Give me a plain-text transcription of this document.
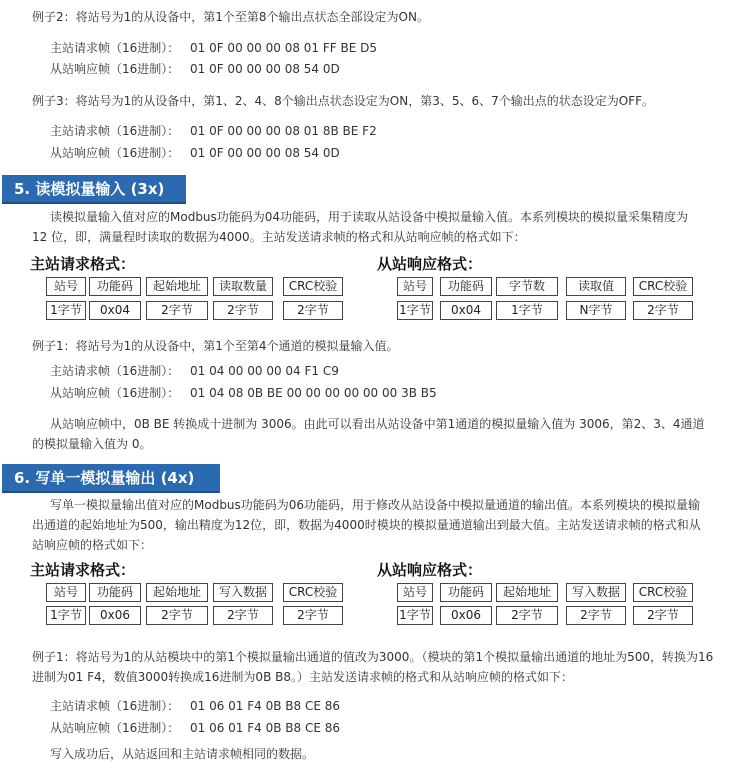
例子2：将站号为1的从设备中，第1个至第8个输出点状态全部设定为ON。
主站请求帧（16进制）： 01 0F 00 00 00 08 01 FF BE D5
从站响应帧（16进制）： 01 0F 00 00 00 08 54 0D
例子3：将站号为1的从设备中，第1、2、4、8个输出点状态设定为ON，第3、5、6、7个输出点的状态设定为OFF。
主站请求帧（16进制）： 01 0F 00 00 00 08 01 8B BE F2
从站响应帧（16进制）： 01 0F 00 00 00 08 54 0D
5. 读模拟量输入 (3x)
读模拟量输入值对应的Modbus功能码为04功能码，用于读取从站设备中模拟量输入值。本系列模块的模拟量采集精度为
12 位，即，满量程时读取的数据为4000。主站发送请求帧的格式和从站响应帧的格式如下：
主站请求格式：	从站响应格式：
站号	功能码	起始地址	读取数量	CRC校验
1字节	0x04	2字节	2字节	2字节
站号	功能码	字节数	读取值	CRC校验
1字节	0x04	1字节	N字节	2字节
例子1：将站号为1的从设备中，第1个至第4个通道的模拟量输入值。
主站请求帧（16进制）： 01 04 00 00 00 04 F1 C9
从站响应帧（16进制）： 01 04 08 0B BE 00 00 00 00 00 00 3B B5
从站响应帧中，0B BE 转换成十进制为 3006。由此可以看出从站设备中第1通道的模拟量输入值为 3006，第2、3、4通道
的模拟量输入值为 0。
6. 写单一模拟量输出 (4x)
写单一模拟量输出值对应的Modbus功能码为06功能码，用于修改从站设备中模拟量通道的输出值。本系列模块的模拟量输
出通道的起始地址为500，输出精度为12位，即，数据为4000时模块的模拟量通道输出到最大值。主站发送请求帧的格式和从
站响应帧的格式如下：
主站请求格式：	从站响应格式：
站号	功能码	起始地址	写入数据	CRC校验
1字节	0x06	2字节	2字节	2字节
站号	功能码	起始地址	写入数据	CRC校验
1字节	0x06	2字节	2字节	2字节
例子1：将站号为1的从站模块中的第1个模拟量输出通道的值改为3000。（模块的第1个模拟量输出通道的地址为500，转换为16
进制为01 F4，数值3000转换成16进制为0B B8。）主站发送请求帧的格式和从站响应帧的格式如下：
主站请求帧（16进制）： 01 06 01 F4 0B B8 CE 86
从站响应帧（16进制）： 01 06 01 F4 0B B8 CE 86
写入成功后，从站返回和主站请求帧相同的数据。
